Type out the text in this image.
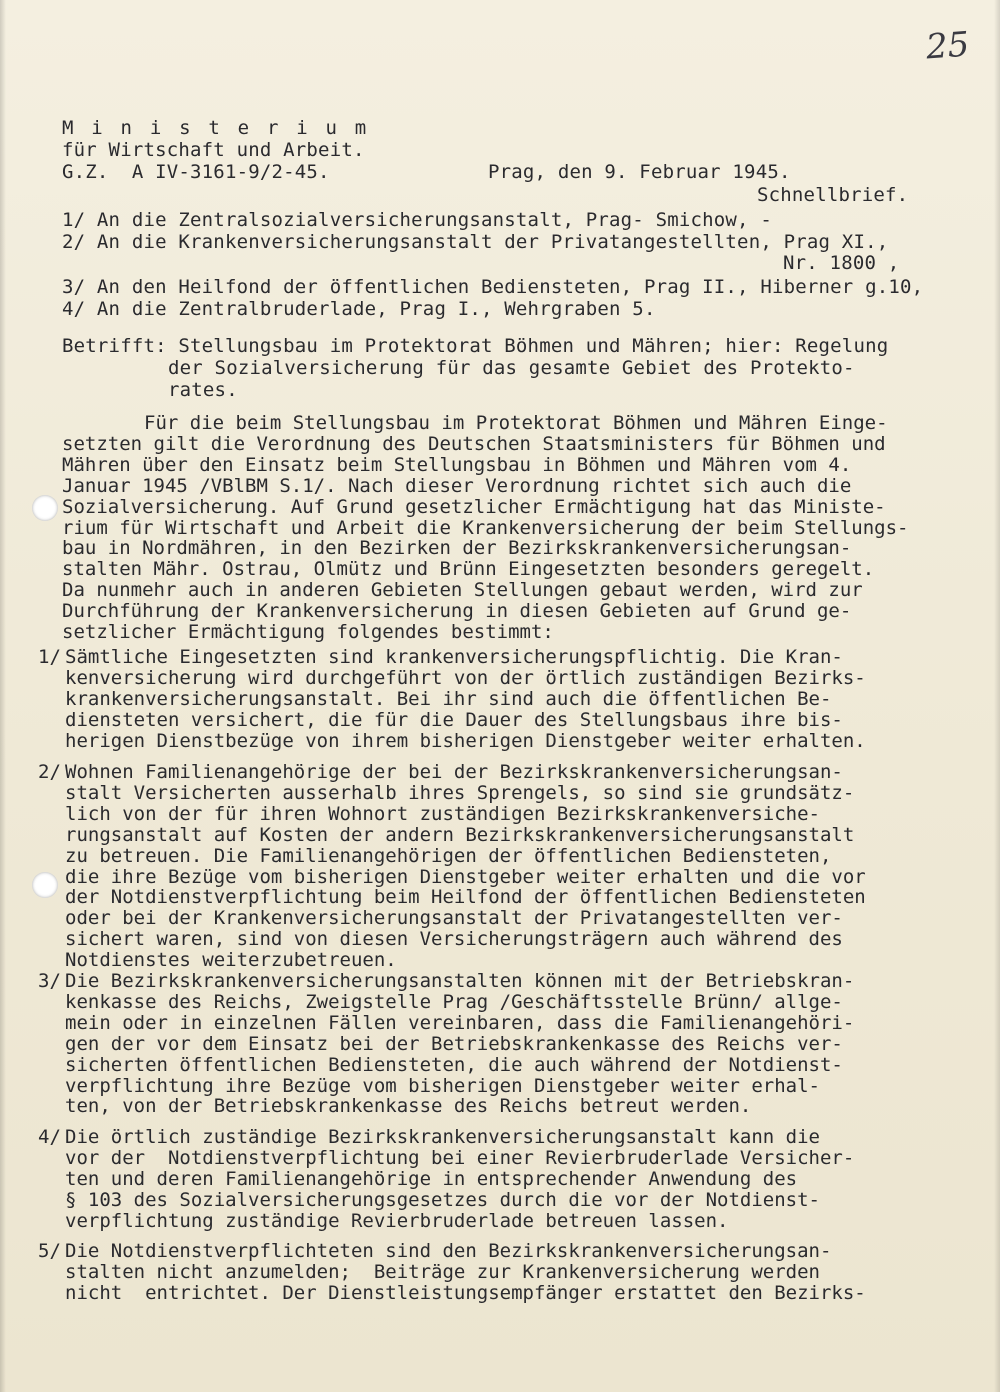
25
M i n i s t e r i u m
für Wirtschaft und Arbeit.
G.Z.  A IV-3161-9/2-45.	Prag, den 9. Februar 1945.
Schnellbrief.
1/ An die Zentralsozialversicherungsanstalt, Prag- Smichow, -
2/ An die Krankenversicherungsanstalt der Privatangestellten, Prag XI.,
Nr. 1800 ,
3/ An den Heilfond der öffentlichen Bediensteten, Prag II., Hiberner g.10,
4/ An die Zentralbruderlade, Prag I., Wehrgraben 5.
Betrifft: Stellungsbau im Protektorat Böhmen und Mähren; hier: Regelung
der Sozialversicherung für das gesamte Gebiet des Protekto-
rates.
Für die beim Stellungsbau im Protektorat Böhmen und Mähren Einge-
setzten gilt die Verordnung des Deutschen Staatsministers für Böhmen und
Mähren über den Einsatz beim Stellungsbau in Böhmen und Mähren vom 4.
Januar 1945 /VBlBM S.1/. Nach dieser Verordnung richtet sich auch die
Sozialversicherung. Auf Grund gesetzlicher Ermächtigung hat das Ministe-
rium für Wirtschaft und Arbeit die Krankenversicherung der beim Stellungs-
bau in Nordmähren, in den Bezirken der Bezirkskrankenversicherungsan-
stalten Mähr. Ostrau, Olmütz und Brünn Eingesetzten besonders geregelt.
Da nunmehr auch in anderen Gebieten Stellungen gebaut werden, wird zur
Durchführung der Krankenversicherung in diesen Gebieten auf Grund ge-
setzlicher Ermächtigung folgendes bestimmt:
1/ Sämtliche Eingesetzten sind krankenversicherungspflichtig. Die Kran-
kenversicherung wird durchgeführt von der örtlich zuständigen Bezirks-
krankenversicherungsanstalt. Bei ihr sind auch die öffentlichen Be-
diensteten versichert, die für die Dauer des Stellungsbaus ihre bis-
herigen Dienstbezüge von ihrem bisherigen Dienstgeber weiter erhalten.
2/ Wohnen Familienangehörige der bei der Bezirkskrankenversicherungsan-
stalt Versicherten ausserhalb ihres Sprengels, so sind sie grundsätz-
lich von der für ihren Wohnort zuständigen Bezirkskrankenversiche-
rungsanstalt auf Kosten der andern Bezirkskrankenversicherungsanstalt
zu betreuen. Die Familienangehörigen der öffentlichen Bediensteten,
die ihre Bezüge vom bisherigen Dienstgeber weiter erhalten und die vor
der Notdienstverpflichtung beim Heilfond der öffentlichen Bediensteten
oder bei der Krankenversicherungsanstalt der Privatangestellten ver-
sichert waren, sind von diesen Versicherungsträgern auch während des
Notdienstes weiterzubetreuen.
3/ Die Bezirkskrankenversicherungsanstalten können mit der Betriebskran-
kenkasse des Reichs, Zweigstelle Prag /Geschäftsstelle Brünn/ allge-
mein oder in einzelnen Fällen vereinbaren, dass die Familienangehöri-
gen der vor dem Einsatz bei der Betriebskrankenkasse des Reichs ver-
sicherten öffentlichen Bediensteten, die auch während der Notdienst-
verpflichtung ihre Bezüge vom bisherigen Dienstgeber weiter erhal-
ten, von der Betriebskrankenkasse des Reichs betreut werden.
4/ Die örtlich zuständige Bezirkskrankenversicherungsanstalt kann die
vor der  Notdienstverpflichtung bei einer Revierbruderlade Versicher-
ten und deren Familienangehörige in entsprechender Anwendung des
§ 103 des Sozialversicherungsgesetzes durch die vor der Notdienst-
verpflichtung zuständige Revierbruderlade betreuen lassen.
5/ Die Notdienstverpflichteten sind den Bezirkskrankenversicherungsan-
stalten nicht anzumelden;  Beiträge zur Krankenversicherung werden
nicht  entrichtet. Der Dienstleistungsempfänger erstattet den Bezirks-
